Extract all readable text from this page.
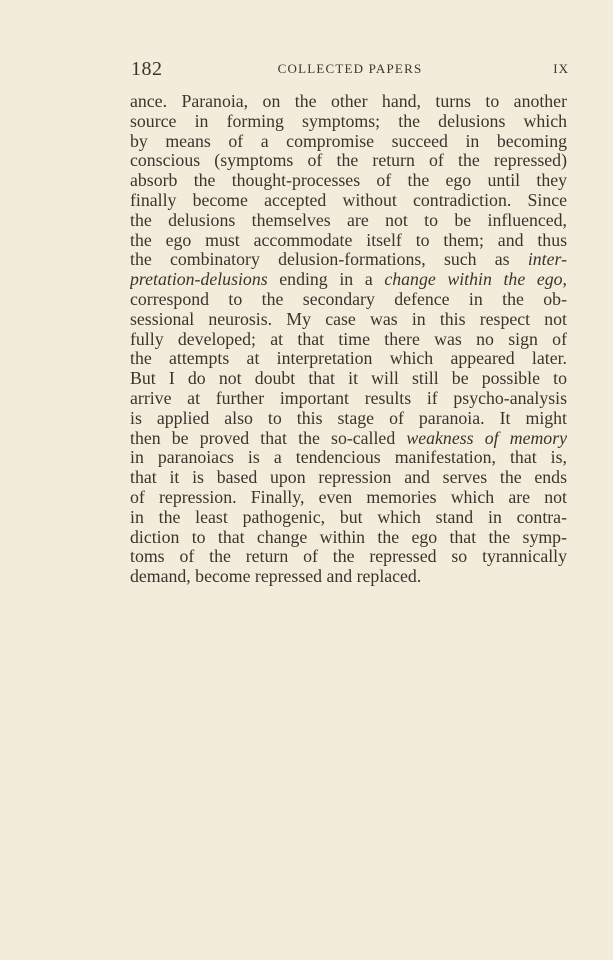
182	COLLECTED PAPERS	IX
ance. Paranoia, on the other hand, turns to another
source in forming symptoms; the delusions which
by means of a compromise succeed in becoming
conscious (symptoms of the return of the repressed)
absorb the thought-processes of the ego until they
finally become accepted without contradiction. Since
the delusions themselves are not to be influenced,
the ego must accommodate itself to them; and thus
the combinatory delusion-formations, such as inter-
pretation-delusions ending in a change within the ego,
correspond to the secondary defence in the ob-
sessional neurosis. My case was in this respect not
fully developed; at that time there was no sign of
the attempts at interpretation which appeared later.
But I do not doubt that it will still be possible to
arrive at further important results if psycho-analysis
is applied also to this stage of paranoia. It might
then be proved that the so-called weakness of memory
in paranoiacs is a tendencious manifestation, that is,
that it is based upon repression and serves the ends
of repression. Finally, even memories which are not
in the least pathogenic, but which stand in contra-
diction to that change within the ego that the symp-
toms of the return of the repressed so tyrannically
demand, become repressed and replaced.
